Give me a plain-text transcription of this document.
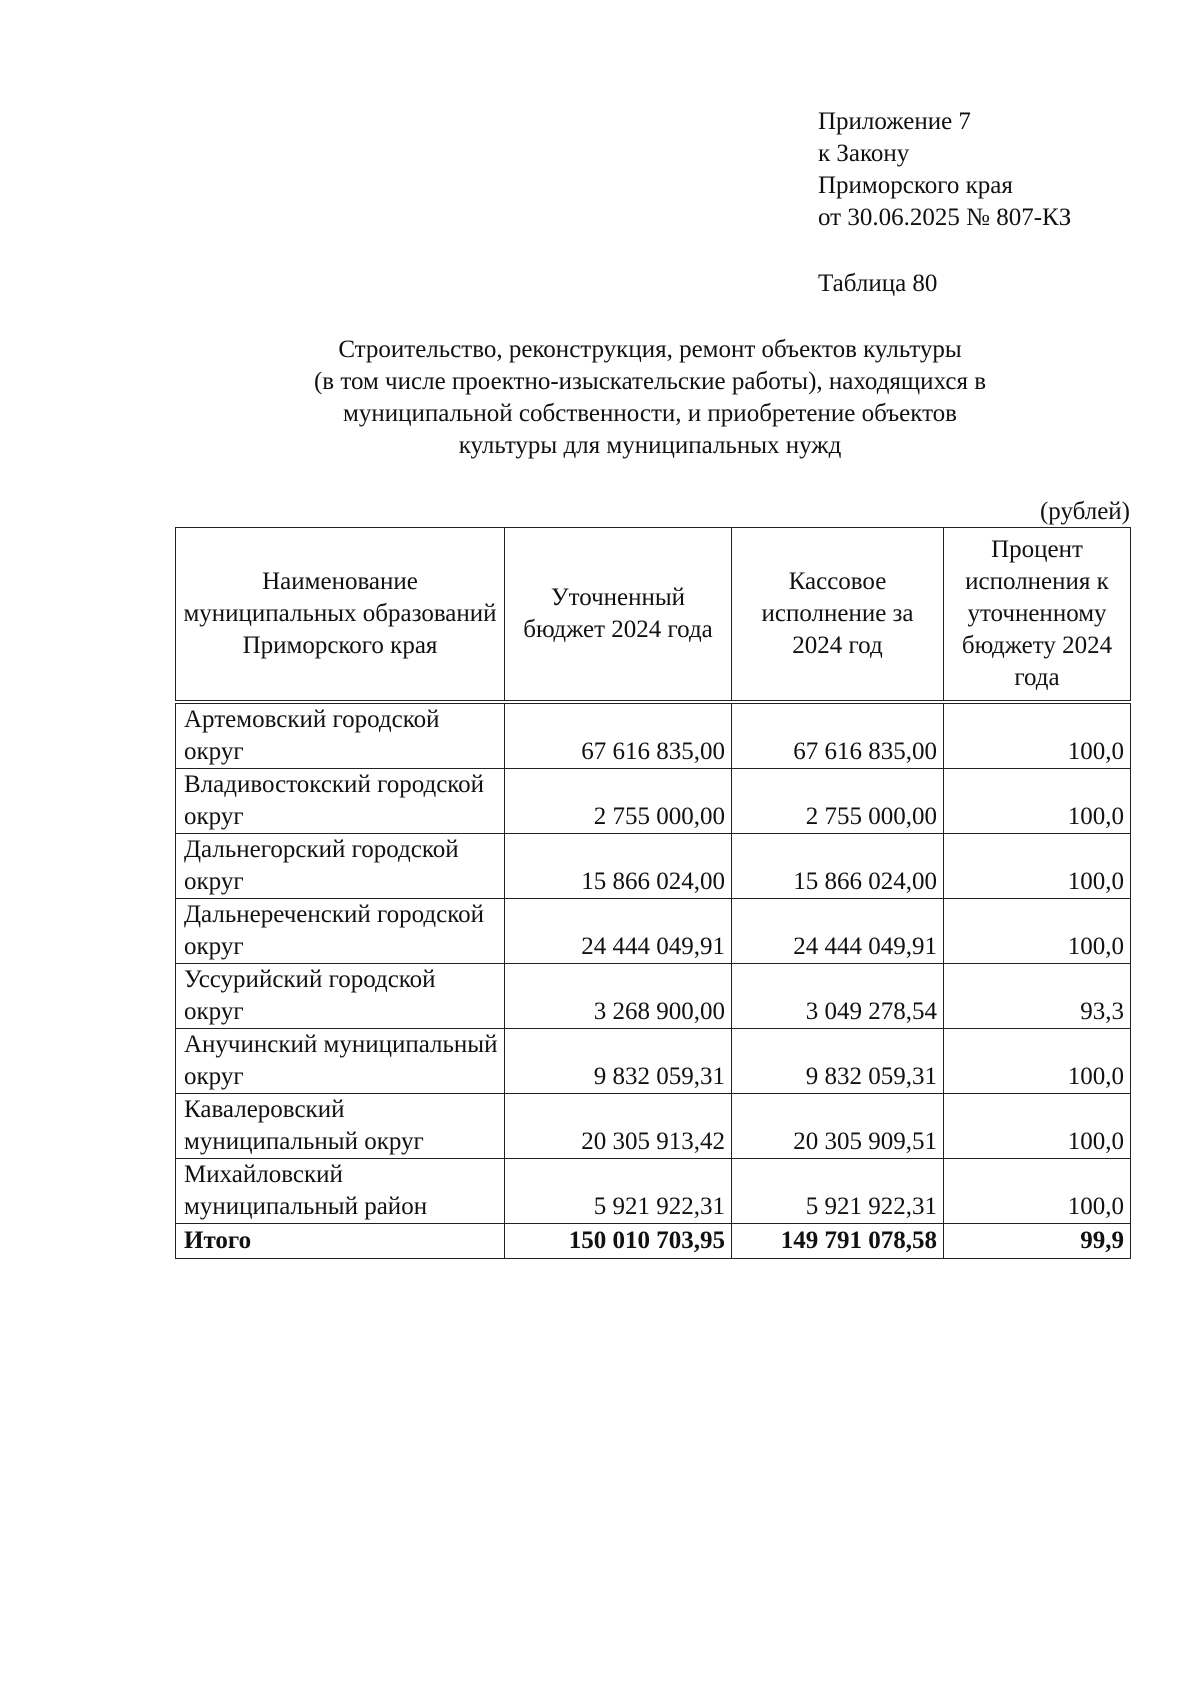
Приложение 7
к Закону
Приморского края
от 30.06.2025 № 807-КЗ
Таблица 80
Строительство, реконструкция, ремонт объектов культуры
(в том числе проектно-изыскательские работы), находящихся в
муниципальной собственности, и приобретение объектов
культуры для муниципальных нужд
(рублей)
Наименование муниципальных образований Приморского края	Уточненный бюджет 2024 года	Кассовое исполнение за 2024 год	Процент исполнения к уточненному бюджету 2024 года

Артемовский городской округ	67 616 835,00	67 616 835,00	100,0
Владивостокский городской округ	2 755 000,00	2 755 000,00	100,0
Дальнегорский городской округ	15 866 024,00	15 866 024,00	100,0
Дальнереченский городской округ	24 444 049,91	24 444 049,91	100,0
Уссурийский городской округ	3 268 900,00	3 049 278,54	93,3
Анучинский муниципальный округ	9 832 059,31	9 832 059,31	100,0
Кавалеровский муниципальный округ	20 305 913,42	20 305 909,51	100,0
Михайловский муниципальный район	5 921 922,31	5 921 922,31	100,0
Итого	150 010 703,95	149 791 078,58	99,9
